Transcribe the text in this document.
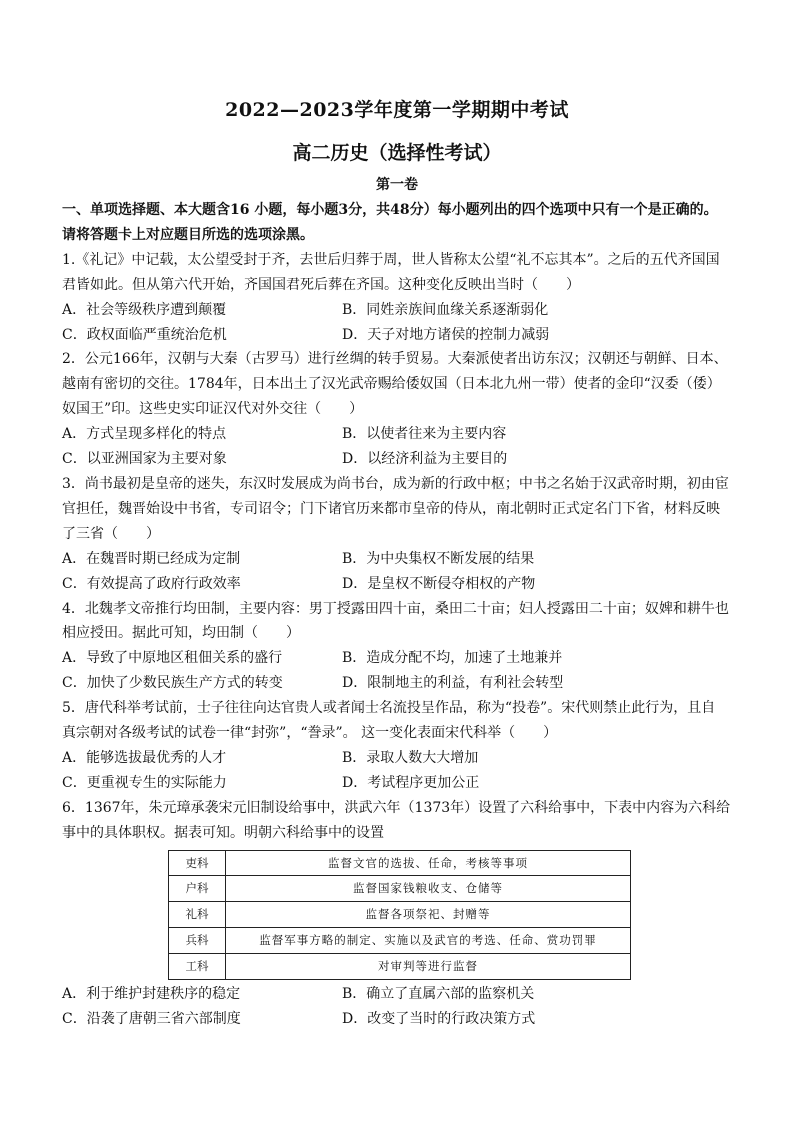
2022—2023学年度第一学期期中考试
高二历史（选择性考试）
第一卷

一、单项选择题、本大题含16 小题，每小题3分，共48分）每小题列出的四个选项中只有一个是正确的。

请将答题卡上对应题目所选的选项涂黑。

1.《礼记》中记载，太公望受封于齐，去世后归葬于周，世人皆称太公望“礼不忘其本”。之后的五代齐国国

君皆如此。但从第六代开始，齐国国君死后葬在齐国。这种变化反映出当时（　　）

A．社会等级秩序遭到颠覆	B．同姓亲族间血缘关系逐渐弱化
C．政权面临严重统治危机	D．天子对地方诸侯的控制力减弱

2．公元166年，汉朝与大秦（古罗马）进行丝绸的转手贸易。大秦派使者出访东汉；汉朝还与朝鲜、日本、

越南有密切的交往。1784年，日本出土了汉光武帝赐给倭奴国（日本北九州一带）使者的金印“汉委（倭）

奴国王”印。这些史实印证汉代对外交往（　　）

A．方式呈现多样化的特点	B．以使者往来为主要内容
C．以亚洲国家为主要对象	D．以经济利益为主要目的

3．尚书最初是皇帝的迷失，东汉时发展成为尚书台，成为新的行政中枢；中书之名始于汉武帝时期，初由宦

官担任，魏晋始设中书省，专司诏令；门下诸官历来都市皇帝的侍从，南北朝时正式定名门下省，材料反映

了三省（　　）

A．在魏晋时期已经成为定制	B．为中央集权不断发展的结果
C．有效提高了政府行政效率	D．是皇权不断侵夺相权的产物

4．北魏孝文帝推行均田制，主要内容：男丁授露田四十亩，桑田二十亩；妇人授露田二十亩；奴婢和耕牛也

相应授田。据此可知，均田制（　　）

A．导致了中原地区租佃关系的盛行	B．造成分配不均，加速了土地兼并
C．加快了少数民族生产方式的转变	D．限制地主的利益，有利社会转型

5．唐代科举考试前，士子往往向达官贵人或者闻士名流投呈作品，称为“投卷”。宋代则禁止此行为，且自

真宗朝对各级考试的试卷一律“封弥”，“誊录”。 这一变化表面宋代科举（　　）

A．能够选拔最优秀的人才	B．录取人数大大增加
C．更重视专生的实际能力	D．考试程序更加公正

6．1367年，朱元璋承袭宋元旧制设给事中，洪武六年（1373年）设置了六科给事中，下表中内容为六科给

事中的具体职权。据表可知。明朝六科给事中的设置

吏科	监督文官的选拔、任命，考核等事项
户科	监督国家钱粮收支、仓储等
礼科	监督各项祭祀、封赠等
兵科	监督军事方略的制定、实施以及武官的考选、任命、赏功罚罪
工科	对审判等进行监督
A．利于维护封建秩序的稳定	B．确立了直属六部的监察机关
C．沿袭了唐朝三省六部制度	D．改变了当时的行政决策方式
